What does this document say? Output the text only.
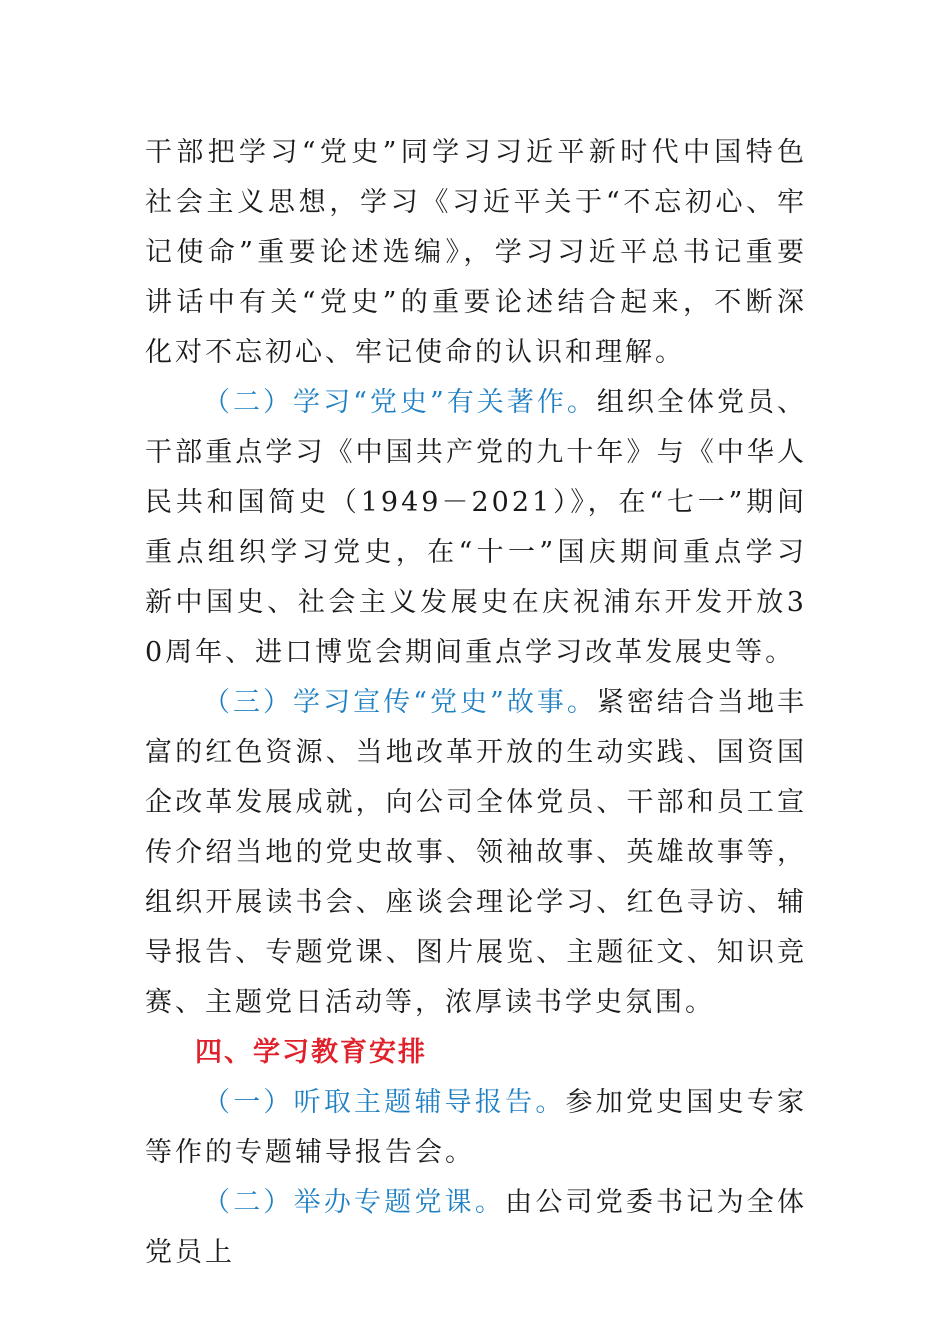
干部把学习“党史”同学习习近平新时代中国特色社会主义思想，学习《习近平关于“不忘初心、牢记使命”重要论述选编》，学习习近平总书记重要讲话中有关“党史”的重要论述结合起来，不断深化对不忘初心、牢记使命的认识和理解。

（二）学习“党史”有关著作。组织全体党员、干部重点学习《中国共产党的九十年》与《中华人民共和国简史（1949－2021）》，在“七一”期间重点组织学习党史，在“十一”国庆期间重点学习新中国史、社会主义发展史在庆祝浦东开发开放30周年、进口博览会期间重点学习改革发展史等。

（三）学习宣传“党史”故事。紧密结合当地丰富的红色资源、当地改革开放的生动实践、国资国企改革发展成就，向公司全体党员、干部和员工宣传介绍当地的党史故事、领袖故事、英雄故事等，组织开展读书会、座谈会理论学习、红色寻访、辅导报告、专题党课、图片展览、主题征文、知识竞赛、主题党日活动等，浓厚读书学史氛围。

四、学习教育安排

（一）听取主题辅导报告。参加党史国史专家等作的专题辅导报告会。

（二）举办专题党课。由公司党委书记为全体党员上
